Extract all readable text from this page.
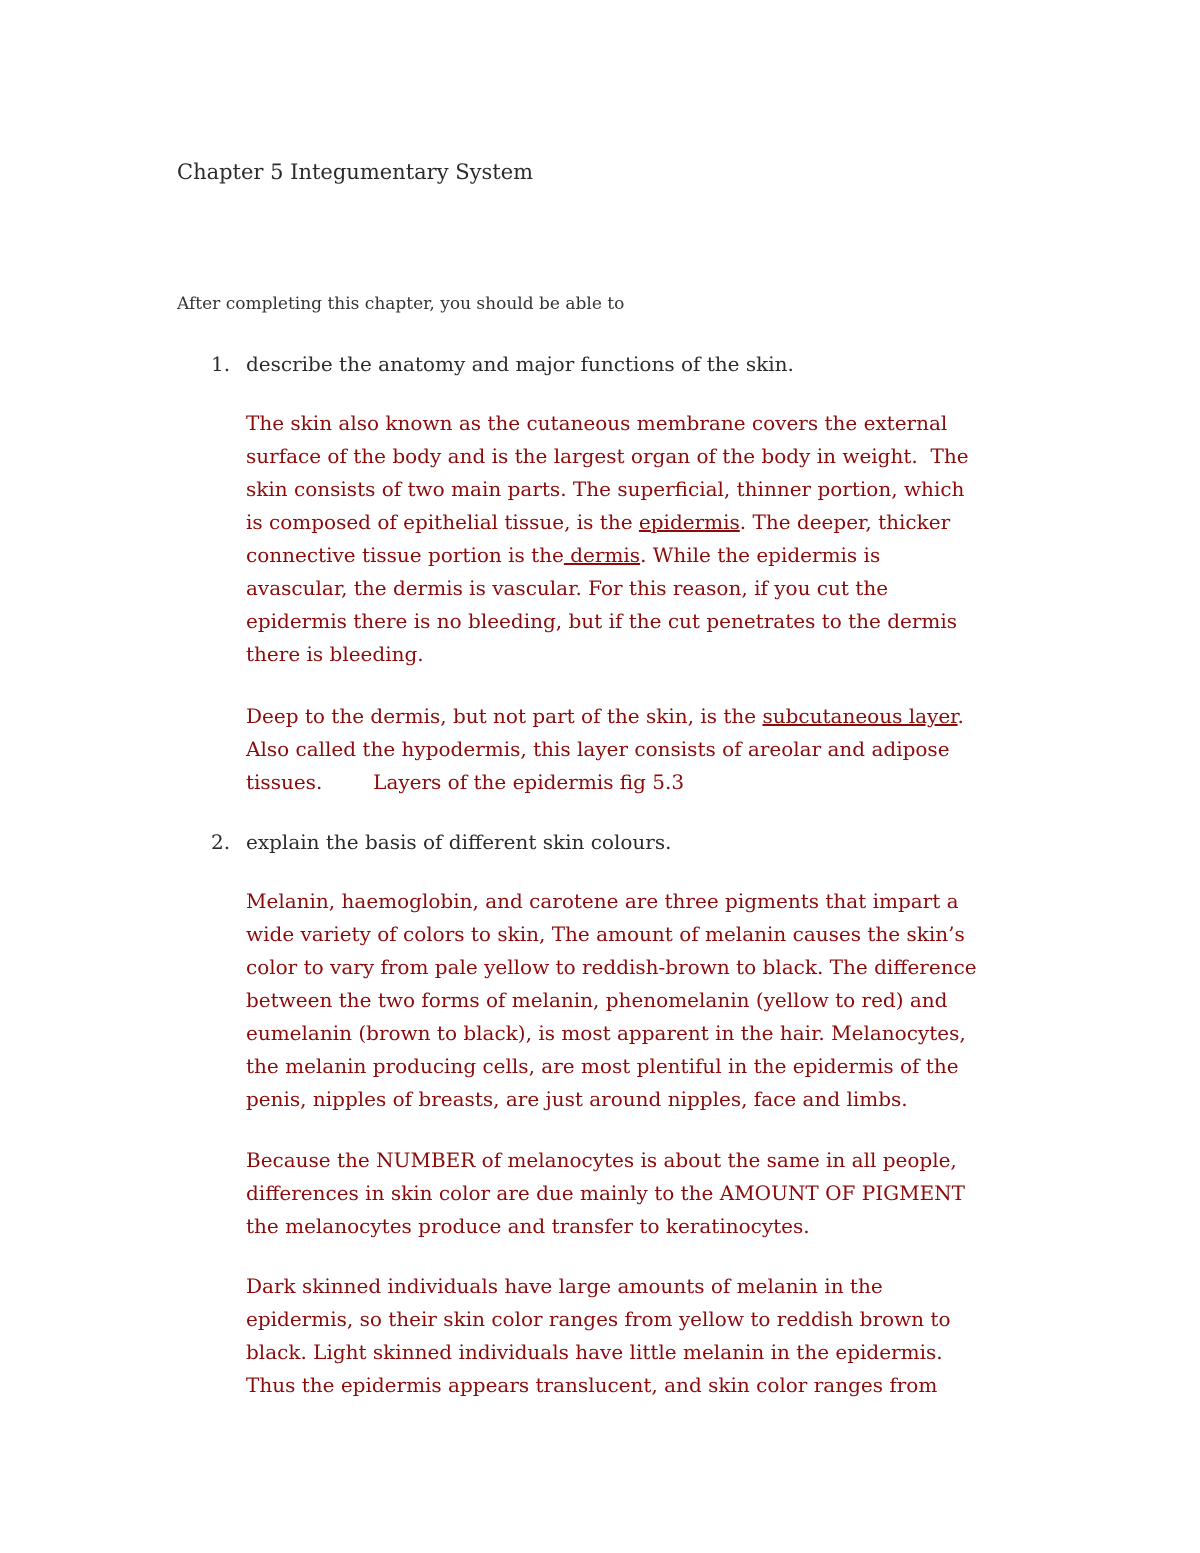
Chapter 5 Integumentary System

After completing this chapter, you should be able to

1. describe the anatomy and major functions of the skin.
The skin also known as the cutaneous membrane covers the external
surface of the body and is the largest organ of the body in weight.  The
skin consists of two main parts. The superficial, thinner portion, which
is composed of epithelial tissue, is the epidermis. The deeper, thicker
connective tissue portion is the dermis. While the epidermis is
avascular, the dermis is vascular. For this reason, if you cut the
epidermis there is no bleeding, but if the cut penetrates to the dermis
there is bleeding.
Deep to the dermis, but not part of the skin, is the subcutaneous layer.
Also called the hypodermis, this layer consists of areolar and adipose
tissues.        Layers of the epidermis fig 5.3
2. explain the basis of different skin colours.
Melanin, haemoglobin, and carotene are three pigments that impart a
wide variety of colors to skin, The amount of melanin causes the skin’s
color to vary from pale yellow to reddish-brown to black. The difference
between the two forms of melanin, phenomelanin (yellow to red) and
eumelanin (brown to black), is most apparent in the hair. Melanocytes,
the melanin producing cells, are most plentiful in the epidermis of the
penis, nipples of breasts, are just around nipples, face and limbs.
Because the NUMBER of melanocytes is about the same in all people,
differences in skin color are due mainly to the AMOUNT OF PIGMENT
the melanocytes produce and transfer to keratinocytes.
Dark skinned individuals have large amounts of melanin in the
epidermis, so their skin color ranges from yellow to reddish brown to
black. Light skinned individuals have little melanin in the epidermis.
Thus the epidermis appears translucent, and skin color ranges from
